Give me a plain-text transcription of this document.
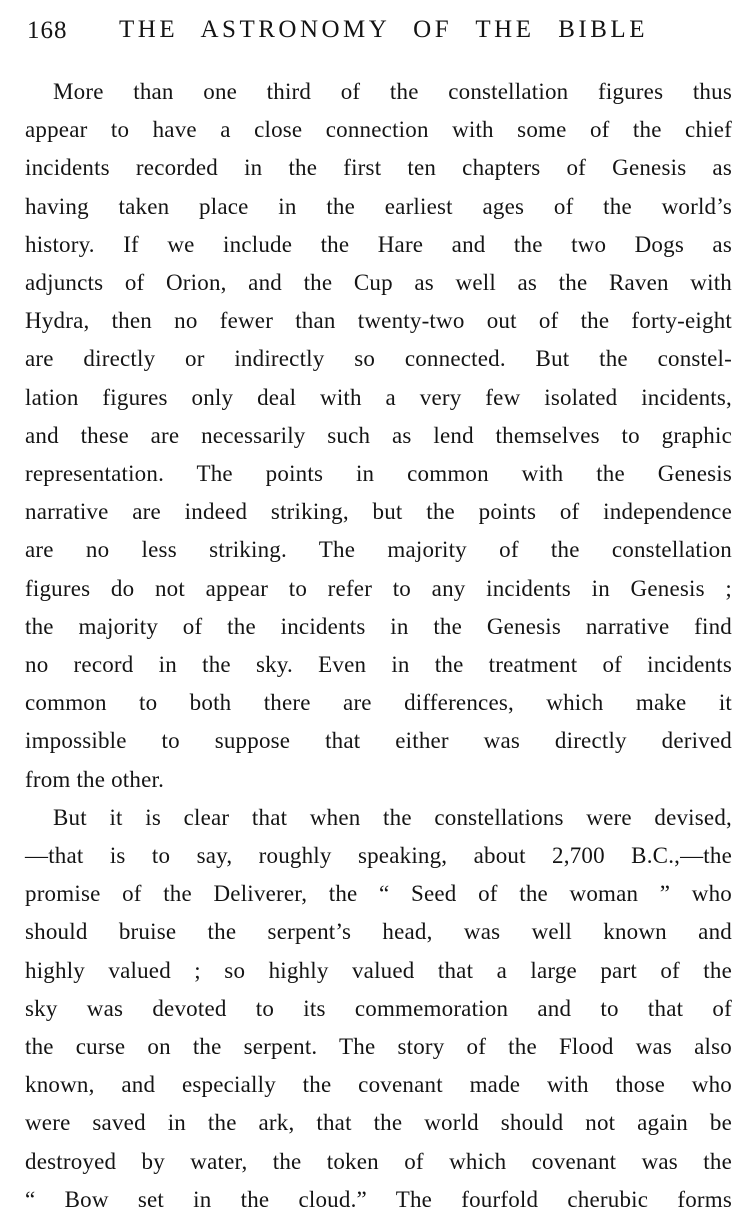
168	THE ASTRONOMY OF THE BIBLE
More than one third of the constellation figures thus
appear to have a close connection with some of the chief
incidents recorded in the first ten chapters of Genesis as
having taken place in the earliest ages of the world’s
history. If we include the Hare and the two Dogs as
adjuncts of Orion, and the Cup as well as the Raven with
Hydra, then no fewer than twenty-two out of the forty-eight
are directly or indirectly so connected. But the constel-
lation figures only deal with a very few isolated incidents,
and these are necessarily such as lend themselves to graphic
representation. The points in common with the Genesis
narrative are indeed striking, but the points of independence
are no less striking. The majority of the constellation
figures do not appear to refer to any incidents in Genesis ;
the majority of the incidents in the Genesis narrative find
no record in the sky. Even in the treatment of incidents
common to both there are differences, which make it
impossible to suppose that either was directly derived
from the other.
But it is clear that when the constellations were devised,
—that is to say, roughly speaking, about 2,700 B.C.,—the
promise of the Deliverer, the “ Seed of the woman ” who
should bruise the serpent’s head, was well known and
highly valued ; so highly valued that a large part of the
sky was devoted to its commemoration and to that of
the curse on the serpent. The story of the Flood was also
known, and especially the covenant made with those who
were saved in the ark, that the world should not again be
destroyed by water, the token of which covenant was the
“ Bow set in the cloud.” The fourfold cherubic forms
